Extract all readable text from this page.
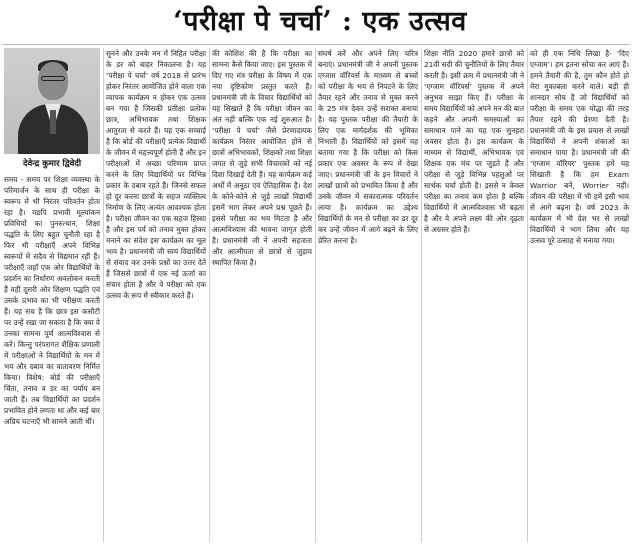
‘परीक्षा पे चर्चा’ : एक उत्सव
देवेन्द्र कुमार द्विवेदी

समय - समय पर शिक्षा व्यवस्था के परिमार्जन के साथ ही परीक्षा के स्वरूप में भी निरंतर परिवर्तन होता रहा है। यद्यपि प्रभावी मूल्यांकन प्रविधियों का पुनरुत्थान, शिक्षा पद्धति के लिए बहुत चुनौती रहा है फिर भी परीक्षाएँ अपने विभिन्न स्वरूपों में सदैव से विद्यमान रहीं हैं। परीक्षाएँ जहाँ एक ओर विद्यार्थियों के प्रदर्शन का निर्धारण अवलोकन करती हैं वहीं दूसरी ओर शिक्षण पद्धति एवं उसके प्रभाव का भी परीक्षण करती हैं। यह सच है कि छात्र इस कसौटी पर उन्हें रखा जा सकता है कि क्या वे उनका सामना पूर्ण आत्मविश्वास से करें। किन्तु परंपरागत शैक्षिक प्रणाली में परीक्षाओं ने विद्यार्थियों के मन में भय और दबाव का वातावरण निर्मित किया। विशेष: बोर्ड की परीक्षाएँ चिंता, तनाव व डर का पर्याय बन जाती हैं। तब विद्यार्थियों का प्रदर्शन प्रभावित होने लगता था और कई बार अप्रिय घटनाएँ भी सामने आती थीं।

सुनने और उनके मन में निहित परीक्षा के डर को बाहर निकालना है। यह ‘परीक्षा पे चर्चा’ वर्ष 2018 से प्रारंभ होकर निरंतर आयोजित होने वाला एक व्यापक कार्यक्रम न होकर एक उत्सव बन गया है जिसकी प्रतीक्षा प्रत्येक छात्र, अभिभावक तथा शिक्षक आतुरता से करते हैं। यह एक सच्चाई है कि बोर्ड की परीक्षाएँ प्रत्येक विद्यार्थी के जीवन में महत्त्वपूर्ण होती हैं और इन परीक्षाओं में अच्छा परिणाम प्राप्त करने के लिए विद्यार्थियों पर विभिन्न प्रकार के दबाव रहते हैं। जिनसे सफल हो दूर करना छात्रों के सहज व्यक्तित्व निर्माण के लिए अत्यंत आवश्यक होता है। परीक्षा जीवन का एक सहज हिस्सा है और इस पर्व को तनाव मुक्त होकर मनाने का संदेश इस कार्यक्रम का मूल भाव है। प्रधानमंत्री जी स्वयं विद्यार्थियों से संवाद कर उनके प्रश्नों का उत्तर देते हैं जिससे छात्रों में एक नई ऊर्जा का संचार होता है और वे परीक्षा को एक उत्सव के रूप में स्वीकार करते हैं।

की कोशिश की है कि परीक्षा का सामना कैसे किया जाए। इस पुस्तक में दिए गए मंत्र परीक्षा के विषय में एक नया दृष्टिकोण प्रस्तुत करते हैं। प्रधानमंत्री जी के विचार विद्यार्थियों को यह सिखाते हैं कि परीक्षा जीवन का अंत नहीं बल्कि एक नई शुरुआत है। ‘परीक्षा पे चर्चा’ जैसे प्रेरणादायक कार्यक्रम निरंतर आयोजित होने से छात्रों अभिभावकों, शिक्षकों तथा शिक्षा जगत से जुड़े सभी विचारकों को नई दिशा दिखाई देती है। यह कार्यक्रम कई अर्थों में अनूठा एवं ऐतिहासिक है। देश के कोने-कोने से जुड़े लाखों विद्यार्थी इसमें भाग लेकर अपने प्रश्न पूछते हैं। इससे परीक्षा का भय मिटता है और आत्मविश्वास की भावना जागृत होती है। प्रधानमंत्री जी ने अपनी सहजता और आत्मीयता से छात्रों से जुड़ाव स्थापित किया है।

संघर्ष करें और अपने लिए चरित्र बनाएं। प्रधानमंत्री जी ने अपनी पुस्तक एग्जाम वॉरियर्स के माध्यम से बच्चों को परीक्षा के भय से निपटने के लिए तैयार रहने और तनाव से मुक्त करने के 25 मंत्र देकर उन्हें सशक्त बनाया है। यह पुस्तक परीक्षा की तैयारी के लिए एक मार्गदर्शक की भूमिका निभाती है। विद्यार्थियों को इसमें यह बताया गया है कि परीक्षा को किस प्रकार एक अवसर के रूप में देखा जाए। प्रधानमंत्री जी के इन विचारों ने लाखों छात्रों को प्रभावित किया है और उनके जीवन में सकारात्मक परिवर्तन लाया है। कार्यक्रम का उद्देश्य विद्यार्थियों के मन से परीक्षा का डर दूर कर उन्हें जीवन में आगे बढ़ने के लिए प्रेरित करना है।

शिक्षा नीति 2020 हमारे छात्रों को 21वीं सदी की चुनौतियों के लिए तैयार करती है। इसी क्रम में प्रधानमंत्री जी ने ‘एग्जाम वॉरियर्स’ पुस्तक में अपने अनुभव साझा किए हैं। परीक्षा के समय विद्यार्थियों को अपने मन की बात कहने और अपनी समस्याओं का समाधान पाने का यह एक सुनहरा अवसर होता है। इस कार्यक्रम के माध्यम से विद्यार्थी, अभिभावक एवं शिक्षक एक मंच पर जुड़ते हैं और परीक्षा से जुड़े विभिन्न पहलुओं पर सार्थक चर्चा होती है। इससे न केवल परीक्षा का तनाव कम होता है बल्कि विद्यार्थियों में आत्मविश्वास भी बढ़ता है और वे अपने लक्ष्य की ओर दृढ़ता से अग्रसर होते हैं।

को ही एक निधि लिखा है- ‘दिए एग्जाम’। हम इतना सोचा कर आएं हैं। हमने तैयारी की है, तुम कौन होते हो मेरा मुकाबला करने वाले। बड़ी ही शानदार सोच है जो विद्यार्थियों को परीक्षा के समय एक योद्धा की तरह तैयार रहने की प्रेरणा देती है। प्रधानमंत्री जी के इस प्रयास से लाखों विद्यार्थियों ने अपनी शंकाओं का समाधान पाया है। प्रधानमंत्री जी की ‘एग्जाम वॉरियर’ पुस्तक हमें यह सिखाती है कि हम Exam Warrior बनें, Worrier नहीं। जीवन की परीक्षा में भी हमें इसी भाव से आगे बढ़ना है। वर्ष 2023 के कार्यक्रम में भी देश भर से लाखों विद्यार्थियों ने भाग लिया और यह उत्सव पूरे उत्साह से मनाया गया।
